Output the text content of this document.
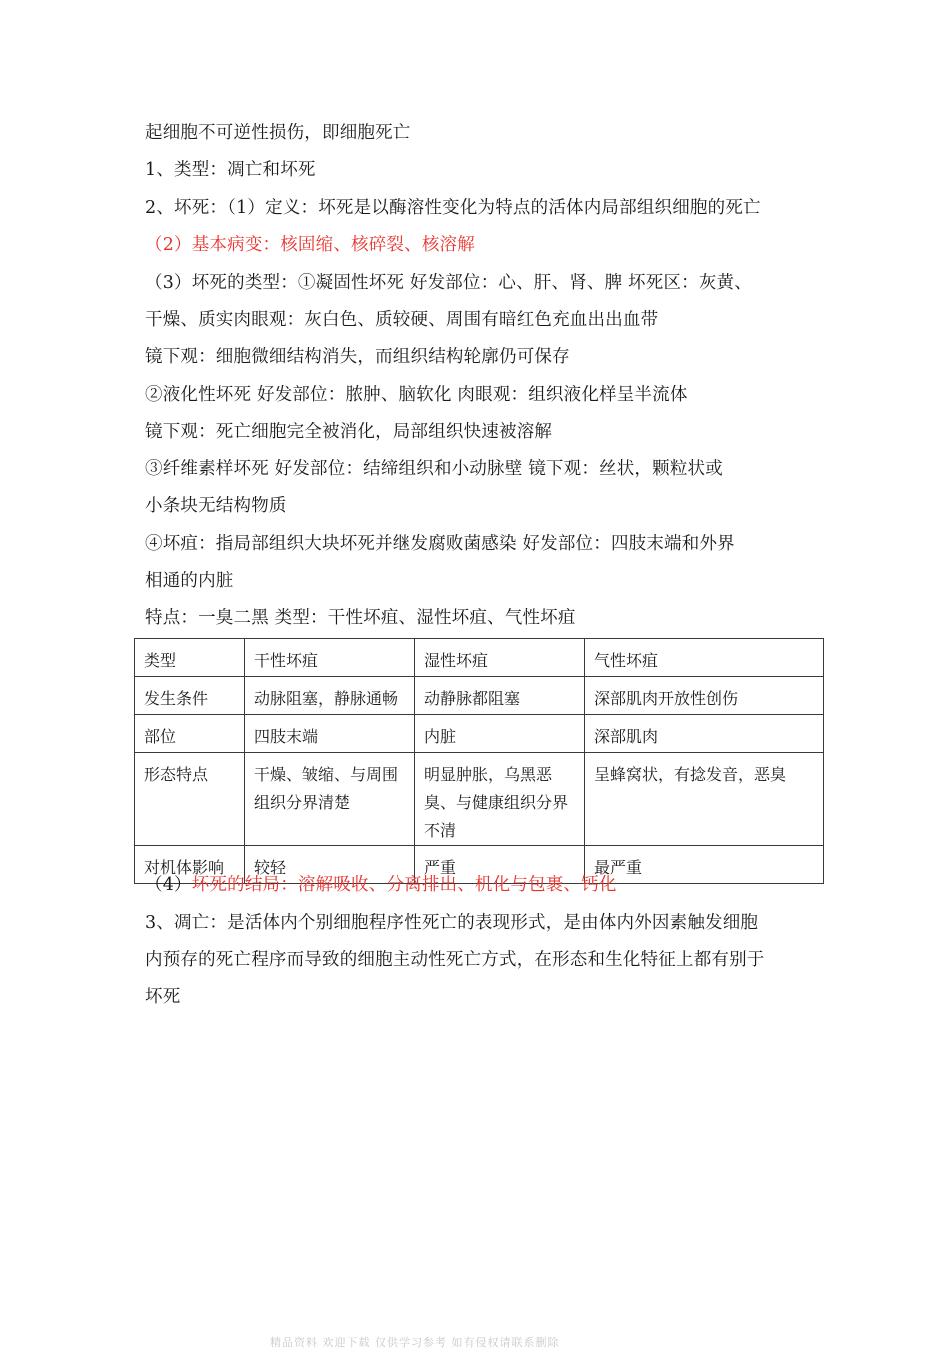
起细胞不可逆性损伤，即细胞死亡
1、类型：凋亡和坏死
2、坏死：（1）定义：坏死是以酶溶性变化为特点的活体内局部组织细胞的死亡
（2）基本病变：核固缩、核碎裂、核溶解
（3）坏死的类型：①凝固性坏死 好发部位：心、肝、肾、脾 坏死区：灰黄、
干燥、质实肉眼观：灰白色、质较硬、周围有暗红色充血出出血带
镜下观：细胞微细结构消失，而组织结构轮廓仍可保存
②液化性坏死 好发部位：脓肿、脑软化 肉眼观：组织液化样呈半流体
镜下观：死亡细胞完全被消化，局部组织快速被溶解
③纤维素样坏死 好发部位：结缔组织和小动脉壁 镜下观：丝状，颗粒状或
小条块无结构物质
④坏疽：指局部组织大块坏死并继发腐败菌感染 好发部位：四肢末端和外界
相通的内脏
特点：一臭二黑 类型：干性坏疽、湿性坏疽、气性坏疽
类型	干性坏疽	湿性坏疽	气性坏疽
发生条件	动脉阻塞，静脉通畅	动静脉都阻塞	深部肌肉开放性创伤
部位	四肢末端	内脏	深部肌肉
形态特点	干燥、皱缩、与周围组织分界清楚	明显肿胀，乌黑恶臭、与健康组织分界不清	呈蜂窝状，有捻发音，恶臭
对机体影响	较轻	严重	最严重
（4）坏死的结局：溶解吸收、分离排出、机化与包裹、钙化
3、凋亡：是活体内个别细胞程序性死亡的表现形式，是由体内外因素触发细胞
内预存的死亡程序而导致的细胞主动性死亡方式，在形态和生化特征上都有别于
坏死
精品资料 欢迎下载 仅供学习参考 如有侵权请联系删除
